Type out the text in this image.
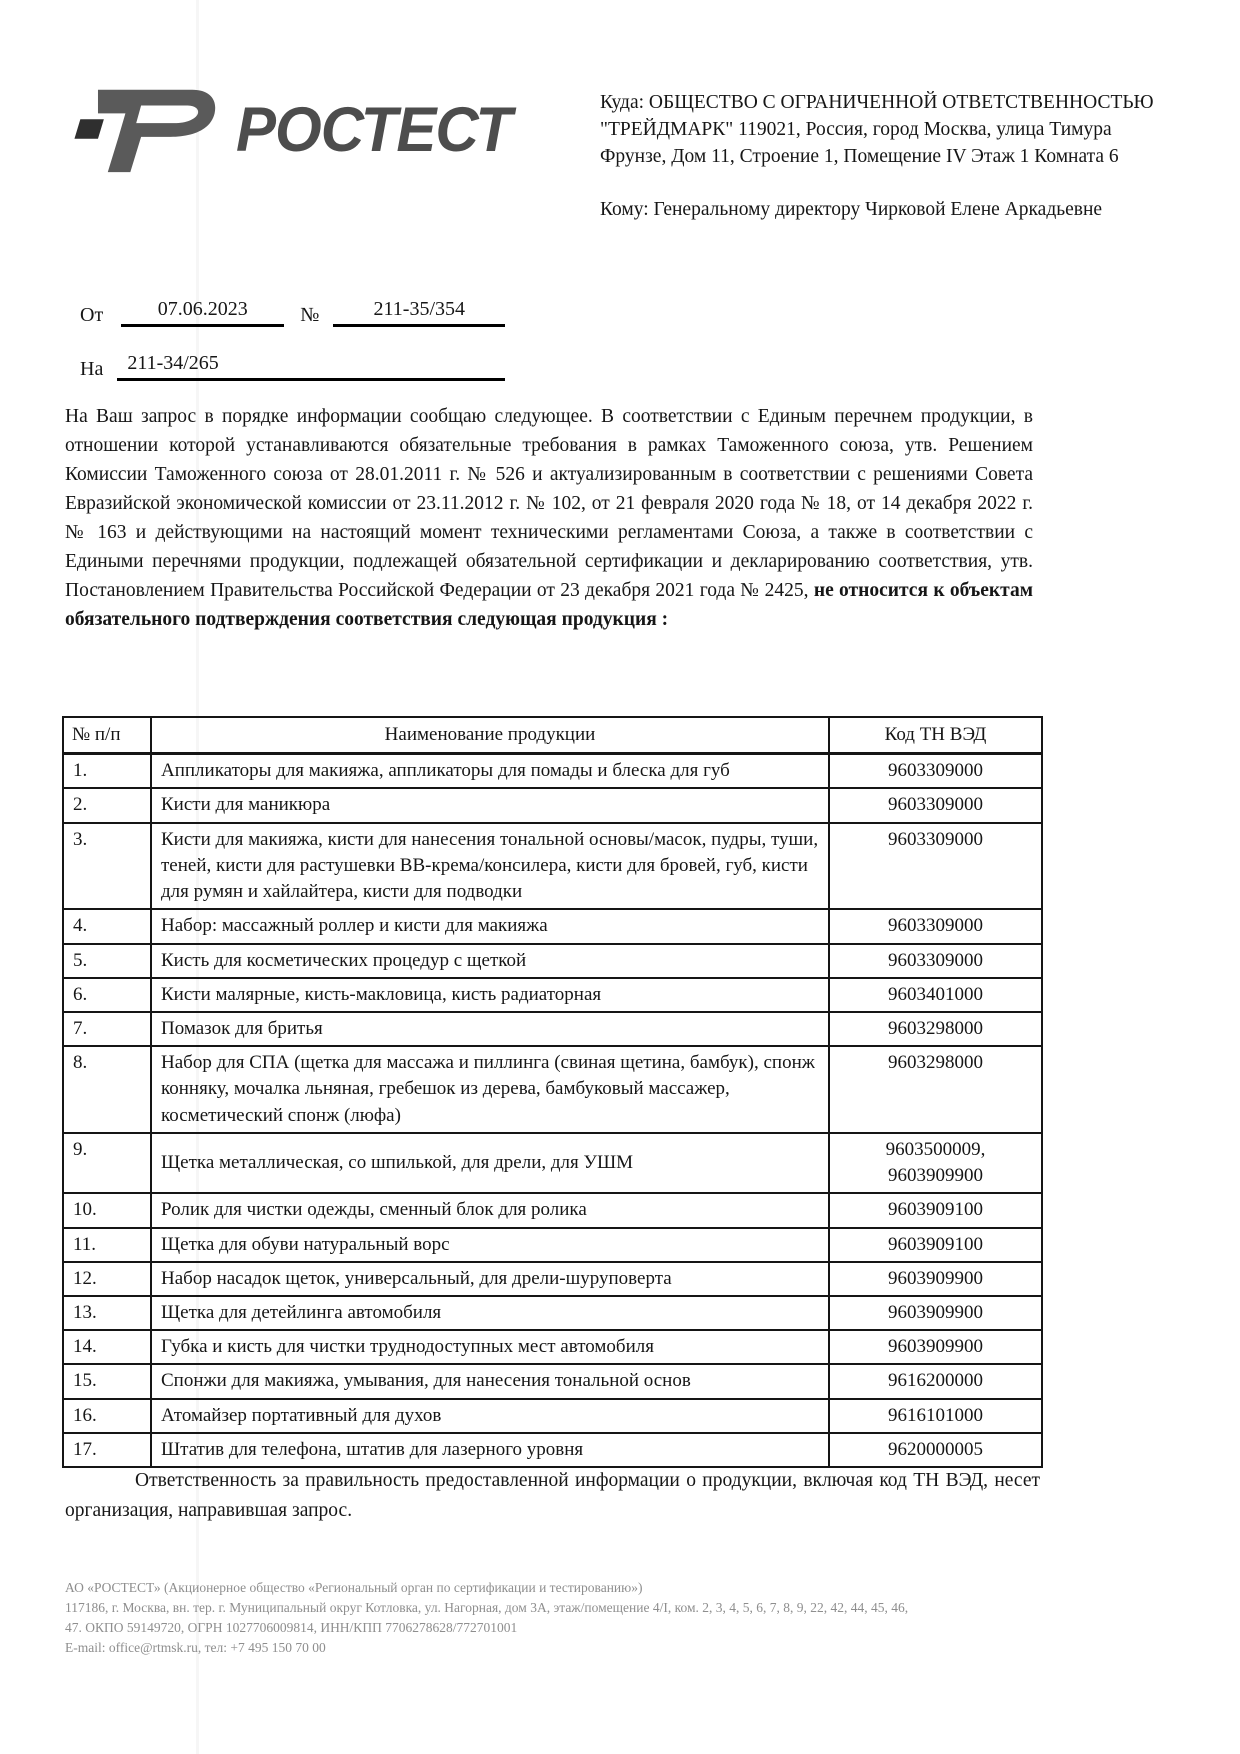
РОСТЕСТ	Куда: ОБЩЕСТВО С ОГРАНИЧЕННОЙ ОТВЕТСТВЕННОСТЬЮ "ТРЕЙДМАРК" 119021, Россия, город Москва, улица Тимура Фрунзе, Дом 11, Строение 1, Помещение IV Этаж 1 Комната 6

Кому: Генеральному директору Чирковой Елене Аркадьевне

От	07.06.2023	№	211-35/354
На 211-34/265

На Ваш запрос в порядке информации сообщаю следующее. В соответствии с Единым перечнем продукции, в отношении которой устанавливаются обязательные требования в рамках Таможенного союза, утв. Решением Комиссии Таможенного союза от 28.01.2011 г. № 526 и актуализированным в соответствии с решениями Совета Евразийской экономической комиссии от 23.11.2012 г. № 102, от 21 февраля 2020 года № 18, от 14 декабря 2022 г. № 163 и действующими на настоящий момент техническими регламентами Союза, а также в соответствии с Едиными перечнями продукции, подлежащей обязательной сертификации и декларированию соответствия, утв. Постановлением Правительства Российской Федерации от 23 декабря 2021 года № 2425, не относится к объектам обязательного подтверждения соответствия следующая продукция :

№ п/п	Наименование продукции	Код ТН ВЭД
1.	Аппликаторы для макияжа, аппликаторы для помады и блеска для губ	9603309000
2.	Кисти для маникюра	9603309000
3.	Кисти для макияжа, кисти для нанесения тональной основы/масок, пудры, туши, теней, кисти для растушевки ВВ-крема/консилера, кисти для бровей, губ, кисти для румян и хайлайтера, кисти для подводки	9603309000
4.	Набор: массажный роллер и кисти для макияжа	9603309000
5.	Кисть для косметических процедур с щеткой	9603309000
6.	Кисти малярные, кисть-макловица, кисть радиаторная	9603401000
7.	Помазок для бритья	9603298000
8.	Набор для СПА (щетка для массажа и пиллинга (свиная щетина, бамбук), спонж конняку, мочалка льняная, гребешок из дерева, бамбуковый массажер, косметический спонж (люфа)	9603298000
9.	Щетка металлическая, со шпилькой, для дрели, для УШМ	9603500009, 9603909900
10.	Ролик для чистки одежды, сменный блок для ролика	9603909100
11.	Щетка для обуви натуральный ворс	9603909100
12.	Набор насадок щеток, универсальный, для дрели-шуруповерта	9603909900
13.	Щетка для детейлинга автомобиля	9603909900
14.	Губка и кисть для чистки труднодоступных мест автомобиля	9603909900
15.	Спонжи для макияжа, умывания, для нанесения тональной основ	9616200000
16.	Атомайзер портативный для духов	9616101000
17.	Штатив для телефона, штатив для лазерного уровня	9620000005

Ответственность за правильность предоставленной информации о продукции, включая код ТН ВЭД, несет организация, направившая запрос.

АО «РОСТЕСТ» (Акционерное общество «Региональный орган по сертификации и тестированию»)
117186, г. Москва, вн. тер. г. Муниципальный округ Котловка, ул. Нагорная, дом 3А, этаж/помещение 4/I, ком. 2, 3, 4, 5, 6, 7, 8, 9, 22, 42, 44, 45, 46,
47. ОКПО 59149720, ОГРН 1027706009814, ИНН/КПП 7706278628/772701001
E-mail: office@rtmsk.ru, тел: +7 495 150 70 00
